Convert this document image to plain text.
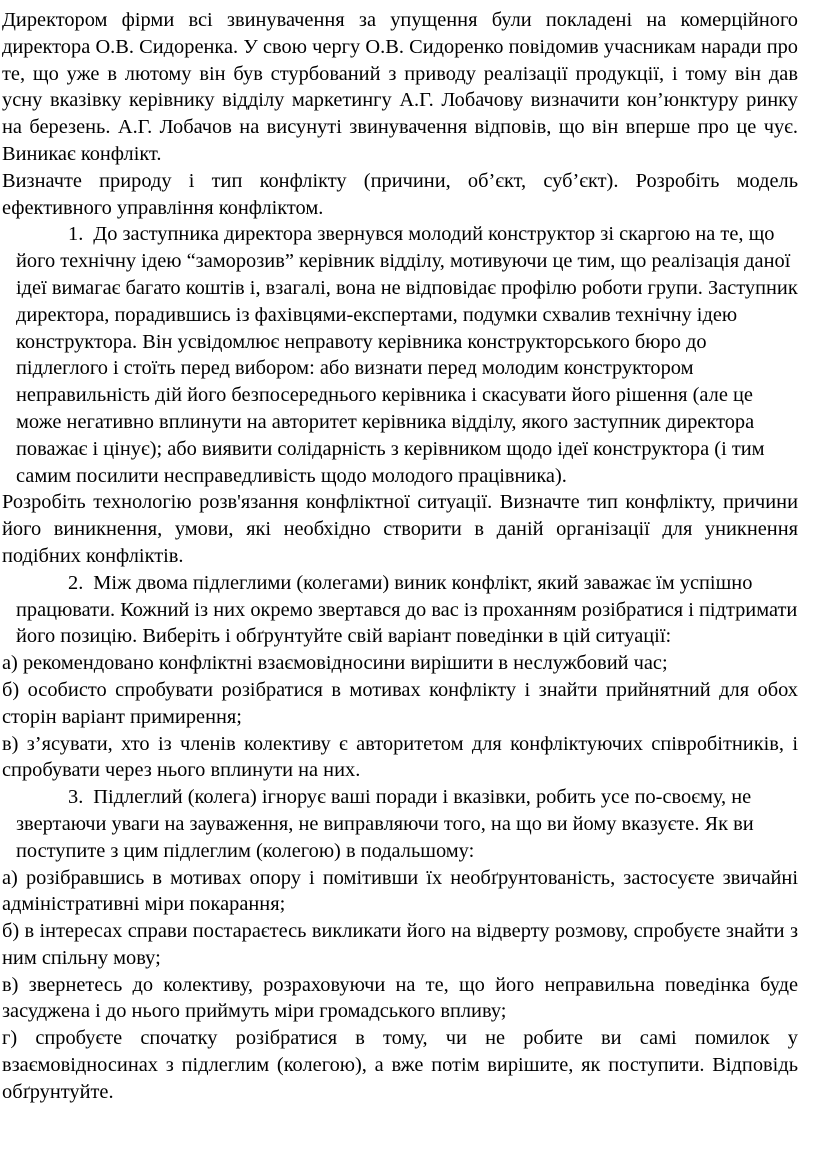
Директором фірми всі звинувачення за упущення були покладені на комерційного директора О.В. Сидоренка. У свою чергу О.В. Сидоренко повідомив учасникам наради про те, що уже в лютому він був стурбований з приводу реалізації продукції, і тому він дав усну вказівку керівнику відділу маркетингу А.Г. Лобачову визначити кон’юнктуру ринку на березень. А.Г. Лобачов на висунуті звинувачення відповів, що він вперше про це чує. Виникає конфлікт.
Визначте природу і тип конфлікту (причини, об’єкт, суб’єкт). Розробіть модель ефективного управління конфліктом.
1. До заступника директора звернувся молодий конструктор зі скаргою на те, що його технічну ідею “заморозив” керівник відділу, мотивуючи це тим, що реалізація даної ідеї вимагає багато коштів і, взагалі, вона не відповідає профілю роботи групи. Заступник директора, порадившись із фахівцями-експертами, подумки схвалив технічну ідею конструктора. Він усвідомлює неправоту керівника конструкторського бюро до підлеглого і стоїть перед вибором: або визнати перед молодим конструктором неправильність дій його безпосереднього керівника і скасувати його рішення (але це може негативно вплинути на авторитет керівника відділу, якого заступник директора поважає і цінує); або виявити солідарність з керівником щодо ідеї конструктора (і тим самим посилити несправедливість щодо молодого працівника).
Розробіть технологію розв'язання конфліктної ситуації. Визначте тип конфлікту, причини його виникнення, умови, які необхідно створити в даній організації для уникнення подібних конфліктів.
2. Між двома підлеглими (колегами) виник конфлікт, який заважає їм успішно працювати. Кожний із них окремо звертався до вас із проханням розібратися і підтримати його позицію. Виберіть і обґрунтуйте свій варіант поведінки в цій ситуації:
а) рекомендовано конфліктні взаємовідносини вирішити в неслужбовий час;
б) особисто спробувати розібратися в мотивах конфлікту і знайти прийнятний для обох сторін варіант примирення;
в) з’ясувати, хто із членів колективу є авторитетом для конфліктуючих співробітників, і спробувати через нього вплинути на них.
3. Підлеглий (колега) ігнорує ваші поради і вказівки, робить усе по-своєму, не звертаючи уваги на зауваження, не виправляючи того, на що ви йому вказуєте. Як ви поступите з цим підлеглим (колегою) в подальшому:
а) розібравшись в мотивах опору і помітивши їх необґрунтованість, застосуєте звичайні адміністративні міри покарання;
б) в інтересах справи постараєтесь викликати його на відверту розмову, спробуєте знайти з ним спільну мову;
в) звернетесь до колективу, розраховуючи на те, що його неправильна поведінка буде засуджена і до нього приймуть міри громадського впливу;
г) спробуєте спочатку розібратися в тому, чи не робите ви самі помилок у взаємовідносинах з підлеглим (колегою), а вже потім вирішите, як поступити. Відповідь обґрунтуйте.
